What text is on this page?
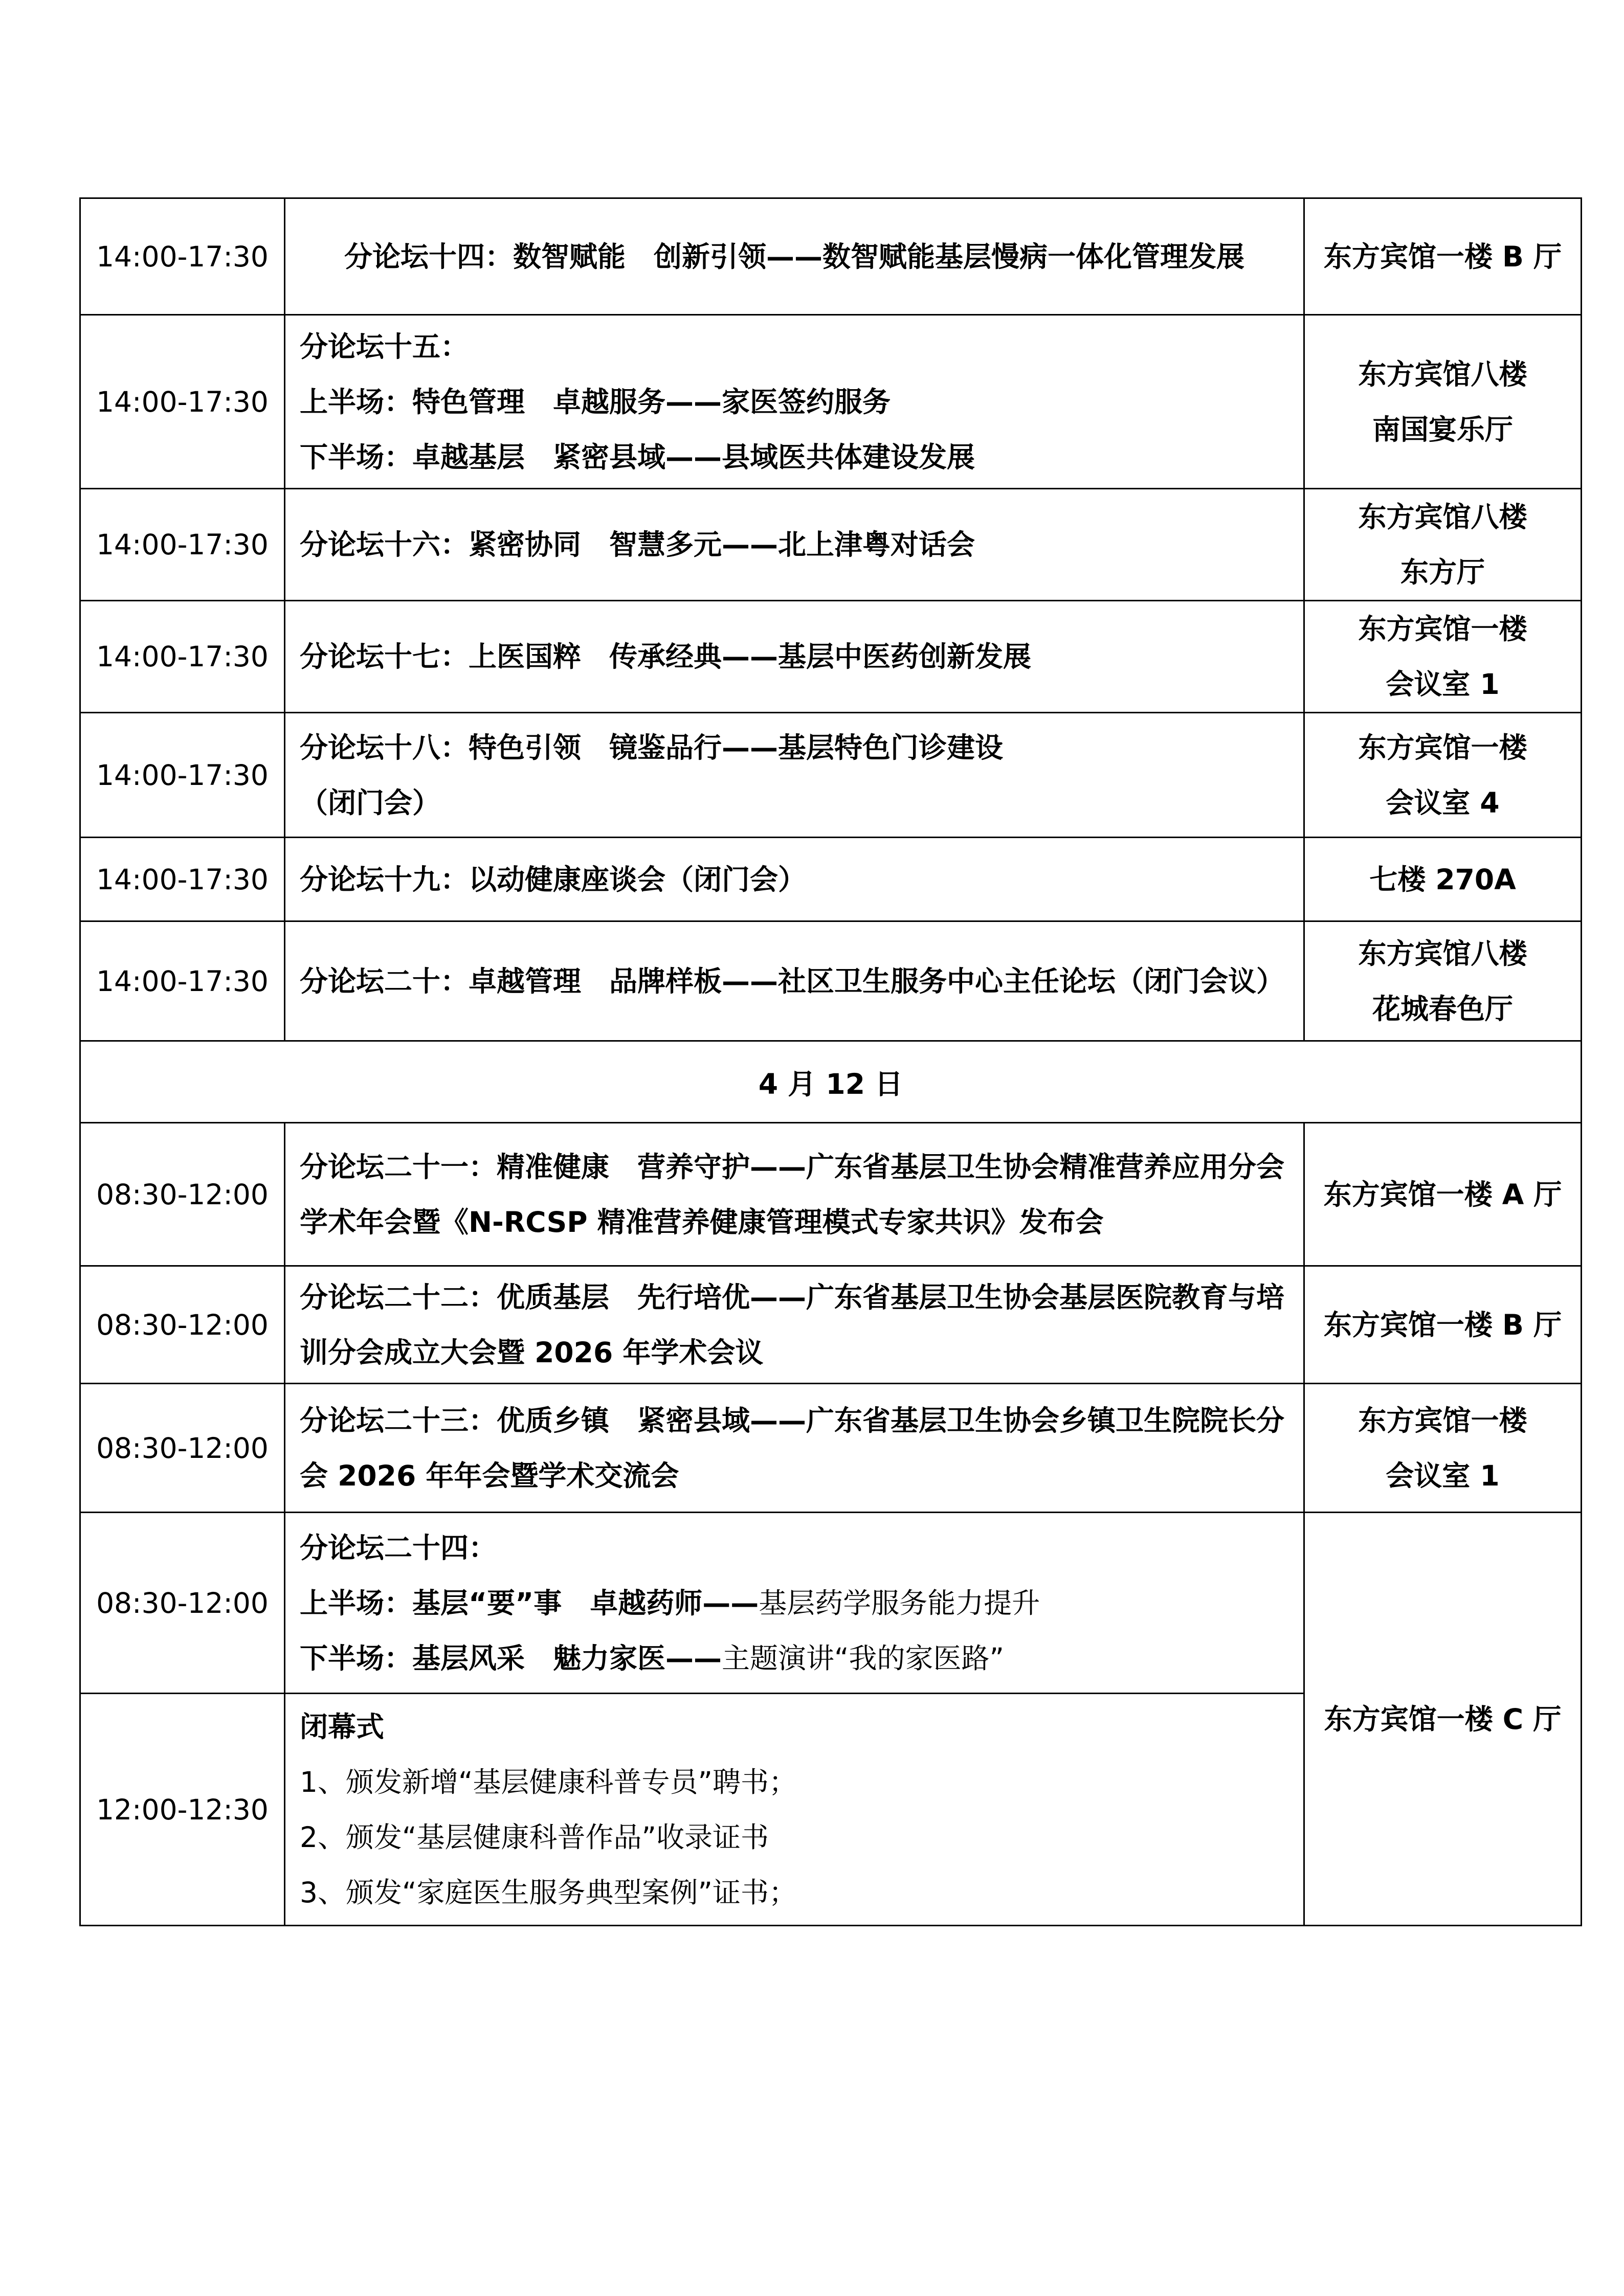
14:00-17:30	分论坛十四：数智赋能　创新引领——数智赋能基层慢病一体化管理发展	东方宾馆一楼 B 厅
14:00-17:30	分论坛十五：
上半场：特色管理　卓越服务——家医签约服务
下半场：卓越基层　紧密县域——县域医共体建设发展	东方宾馆八楼
南国宴乐厅

14:00-17:30	分论坛十六：紧密协同　智慧多元——北上津粤对话会	东方宾馆八楼
东方厅

14:00-17:30	分论坛十七：上医国粹　传承经典——基层中医药创新发展	东方宾馆一楼
会议室 1

14:00-17:30	分论坛十八：特色引领　镜鉴品行——基层特色门诊建设
（闭门会）	东方宾馆一楼
会议室 4

14:00-17:30	分论坛十九：以动健康座谈会（闭门会）	七楼 270A
14:00-17:30	分论坛二十：卓越管理　品牌样板——社区卫生服务中心主任论坛（闭门会议）	东方宾馆八楼
花城春色厅

4 月 12 日		
08:30-12:00	分论坛二十一：精准健康　营养守护——广东省基层卫生协会精准营养应用分会学术年会暨《N-RCSP 精准营养健康管理模式专家共识》发布会	东方宾馆一楼 A 厅
08:30-12:00	分论坛二十二：优质基层　先行培优——广东省基层卫生协会基层医院教育与培训分会成立大会暨 2026 年学术会议	东方宾馆一楼 B 厅
08:30-12:00	分论坛二十三：优质乡镇　紧密县域——广东省基层卫生协会乡镇卫生院院长分会 2026 年年会暨学术交流会	东方宾馆一楼
会议室 1

08:30-12:00	分论坛二十四：
上半场：基层“要”事　卓越药师——基层药学服务能力提升
下半场：基层风采　魅力家医——主题演讲“我的家医路”	东方宾馆一楼 C 厅
12:00-12:30	闭幕式
1、颁发新增“基层健康科普专员”聘书；
2、颁发“基层健康科普作品”收录证书
3、颁发“家庭医生服务典型案例”证书；	
